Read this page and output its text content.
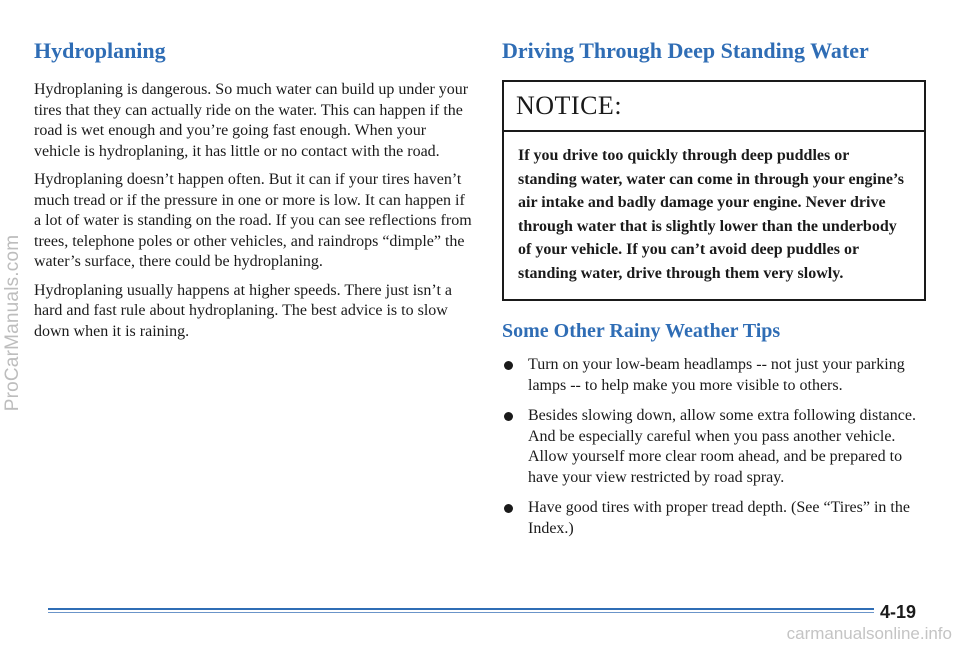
ProCarManuals.com
Hydroplaning

Hydroplaning is dangerous. So much water can build up under your tires that they can actually ride on the water. This can happen if the road is wet enough and you’re going fast enough. When your vehicle is hydroplaning, it has little or no contact with the road.

Hydroplaning doesn’t happen often. But it can if your tires haven’t much tread or if the pressure in one or more is low. It can happen if a lot of water is standing on the road. If you can see reflections from trees, telephone poles or other vehicles, and raindrops “dimple” the water’s surface, there could be hydroplaning.

Hydroplaning usually happens at higher speeds. There just isn’t a hard and fast rule about hydroplaning. The best advice is to slow down when it is raining.

Driving Through Deep Standing Water
NOTICE:
If you drive too quickly through deep puddles or standing water, water can come in through your engine’s air intake and badly damage your engine. Never drive through water that is slightly lower than the underbody of your vehicle. If you can’t avoid deep puddles or standing water, drive through them very slowly.
Some Other Rainy Weather Tips
Turn on your low-beam headlamps -- not just your parking lamps -- to help make you more visible to others.
Besides slowing down, allow some extra following distance. And be especially careful when you pass another vehicle. Allow yourself more clear room ahead, and be prepared to have your view restricted by road spray.
Have good tires with proper tread depth. (See “Tires” in the Index.)
4-19
carmanualsonline.info
